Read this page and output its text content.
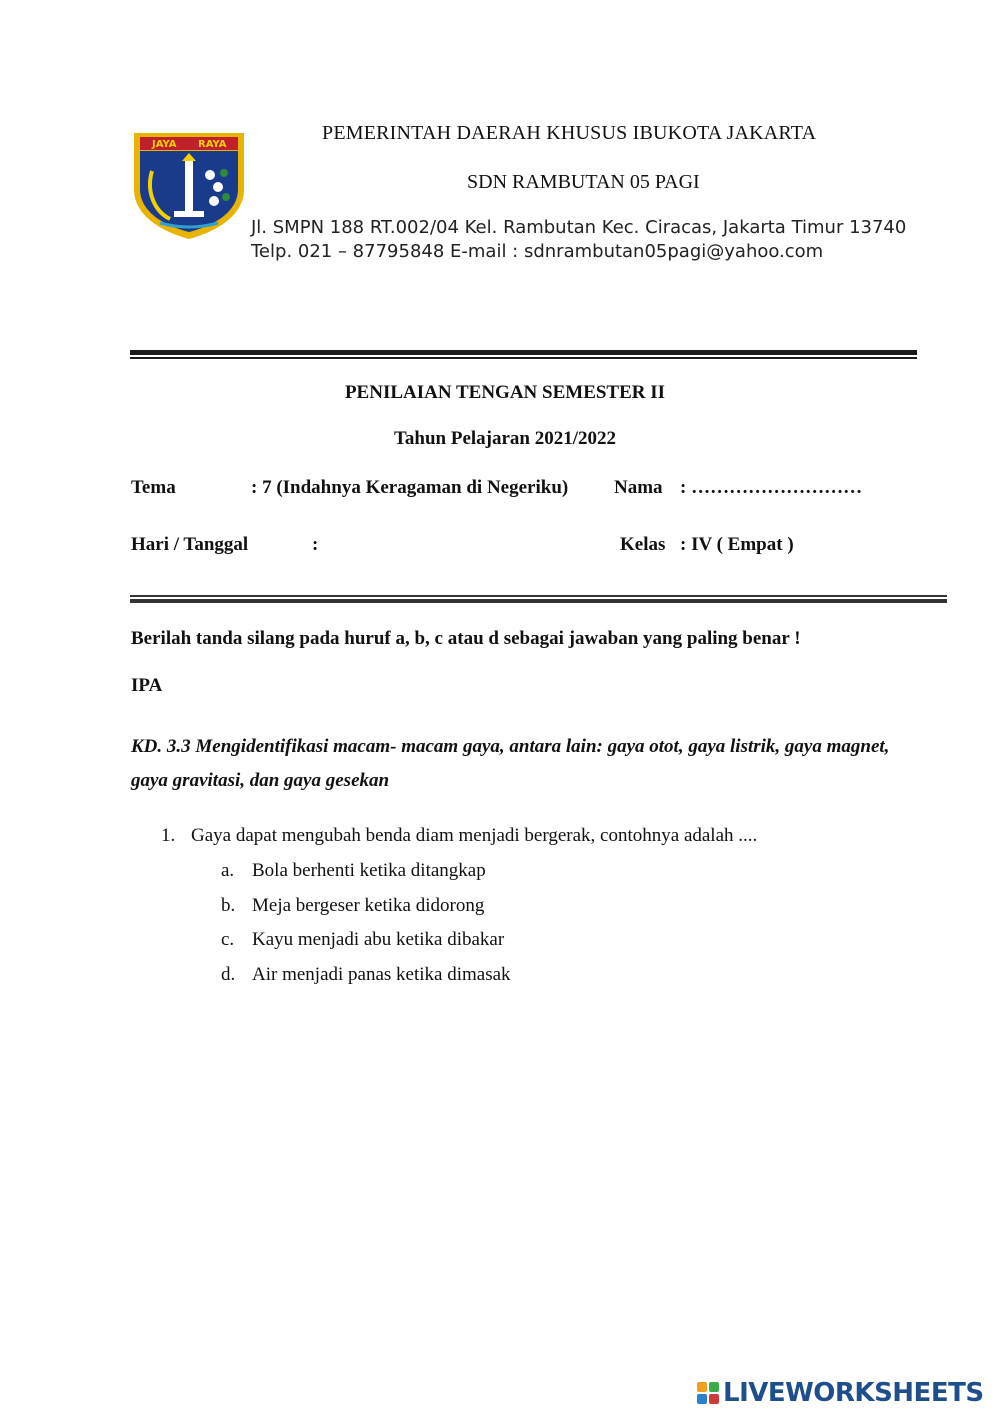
JAYA RAYA
PEMERINTAH DAERAH KHUSUS IBUKOTA JAKARTA
SDN RAMBUTAN 05 PAGI
Jl. SMPN 188 RT.002/04 Kel. Rambutan Kec. Ciracas, Jakarta Timur 13740
Telp. 021 – 87795848 E-mail : sdnrambutan05pagi@yahoo.com
PENILAIAN TENGAN SEMESTER II
Tahun Pelajaran 2021/2022
Tema	: 7 (Indahnya Keragaman di Negeriku) Nama : ………………………
Hari / Tanggal	:	Kelas : IV ( Empat )
Berilah tanda silang pada huruf a, b, c atau d sebagai jawaban yang paling benar !
IPA
KD. 3.3 Mengidentifikasi macam- macam gaya, antara lain: gaya otot, gaya listrik, gaya magnet, gaya gravitasi, dan gaya gesekan
1. Gaya dapat mengubah benda diam menjadi bergerak, contohnya adalah ....
a. Bola berhenti ketika ditangkap
b. Meja bergeser ketika didorong
c. Kayu menjadi abu ketika dibakar
d. Air menjadi panas ketika dimasak
LIVEWORKSHEETS
